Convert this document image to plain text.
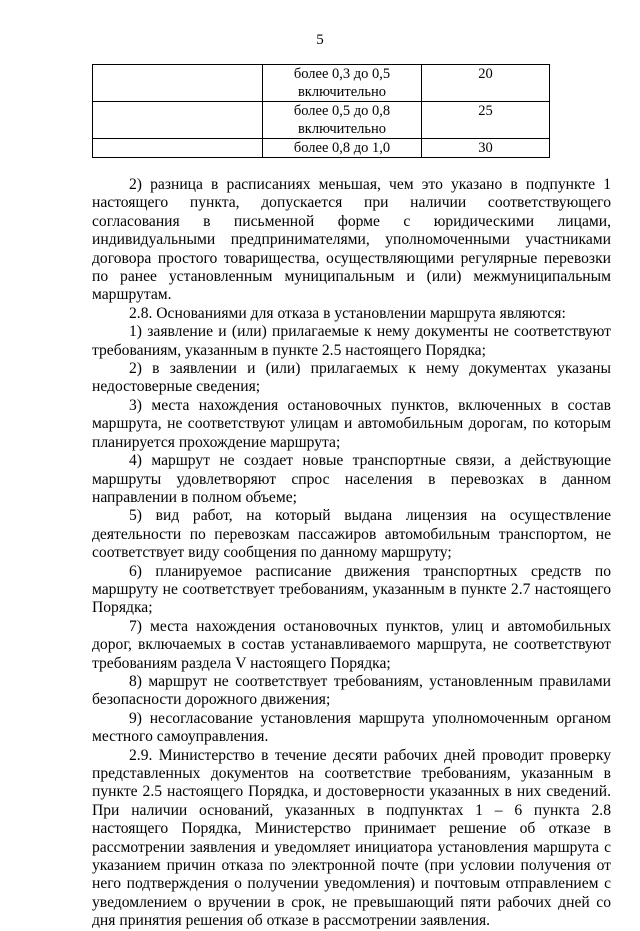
5
	более 0,3 до 0,5 включительно	20
	более 0,5 до 0,8 включительно	25
	более 0,8 до 1,0	30

2) разница в расписаниях меньшая, чем это указано в подпункте 1 настоящего пункта, допускается при наличии соответствующего согласования в письменной форме с юридическими лицами, индивидуальными предпринимателями, уполномоченными участниками договора простого товарищества, осуществляющими регулярные перевозки по ранее установленным муниципальным и (или) межмуниципальным маршрутам.

2.8. Основаниями для отказа в установлении маршрута являются:

1) заявление и (или) прилагаемые к нему документы не соответствуют требованиям, указанным в пункте 2.5 настоящего Порядка;

2) в заявлении и (или) прилагаемых к нему документах указаны недостоверные сведения;

3) места нахождения остановочных пунктов, включенных в состав маршрута, не соответствуют улицам и автомобильным дорогам, по которым планируется прохождение маршрута;

4) маршрут не создает новые транспортные связи, а действующие маршруты удовлетворяют спрос населения в перевозках в данном направлении в полном объеме;

5) вид работ, на который выдана лицензия на осуществление деятельности по перевозкам пассажиров автомобильным транспортом, не соответствует виду сообщения по данному маршруту;

6) планируемое расписание движения транспортных средств по маршруту не соответствует требованиям, указанным в пункте 2.7 настоящего Порядка;

7) места нахождения остановочных пунктов, улиц и автомобильных дорог, включаемых в состав устанавливаемого маршрута, не соответствуют требованиям раздела V настоящего Порядка;

8) маршрут не соответствует требованиям, установленным правилами безопасности дорожного движения;

9) несогласование установления маршрута уполномоченным органом местного самоуправления.

2.9. Министерство в течение десяти рабочих дней проводит проверку представленных документов на соответствие требованиям, указанным в пункте 2.5 настоящего Порядка, и достоверности указанных в них сведений. При наличии оснований, указанных в подпунктах 1 – 6 пункта 2.8 настоящего Порядка, Министерство принимает решение об отказе в рассмотрении заявления и уведомляет инициатора установления маршрута с указанием причин отказа по электронной почте (при условии получения от него подтверждения о получении уведомления) и почтовым отправлением с уведомлением о вручении в срок, не превышающий пяти рабочих дней со дня принятия решения об отказе в рассмотрении заявления.
